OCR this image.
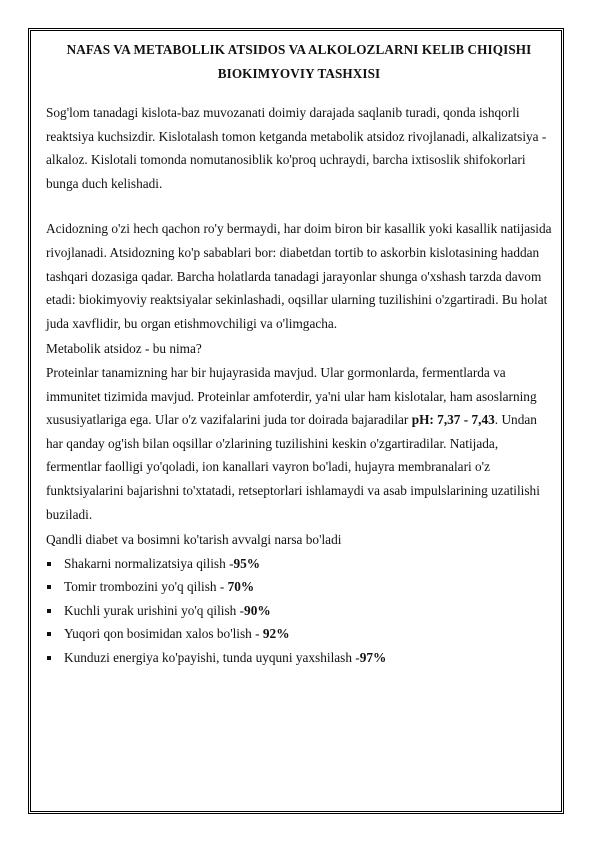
NAFAS VA METABOLLIK ATSIDOS VA ALKOLOZLARNI KELIB CHIQISHI BIOKIMYOVIY TASHXISI

Sog'lom tanadagi kislota-baz muvozanati doimiy darajada saqlanib turadi, qonda ishqorli reaktsiya kuchsizdir. Kislotalash tomon ketganda metabolik atsidoz rivojlanadi, alkalizatsiya - alkaloz. Kislotali tomonda nomutanosiblik ko'proq uchraydi, barcha ixtisoslik shifokorlari bunga duch kelishadi.

Acidozning o'zi hech qachon ro'y bermaydi, har doim biron bir kasallik yoki kasallik natijasida rivojlanadi. Atsidozning ko'p sabablari bor: diabetdan tortib to askorbin kislotasining haddan tashqari dozasiga qadar. Barcha holatlarda tanadagi jarayonlar shunga o'xshash tarzda davom etadi: biokimyoviy reaktsiyalar sekinlashadi, oqsillar ularning tuzilishini o'zgartiradi. Bu holat juda xavflidir, bu organ etishmovchiligi va o'limgacha.

Metabolik atsidoz - bu nima?

Proteinlar tanamizning har bir hujayrasida mavjud. Ular gormonlarda, fermentlarda va immunitet tizimida mavjud. Proteinlar amfoterdir, ya'ni ular ham kislotalar, ham asoslarning xususiyatlariga ega. Ular o'z vazifalarini juda tor doirada bajaradilar pH: 7,37 - 7,43. Undan har qanday og'ish bilan oqsillar o'zlarining tuzilishini keskin o'zgartiradilar. Natijada, fermentlar faolligi yo'qoladi, ion kanallari vayron bo'ladi, hujayra membranalari o'z funktsiyalarini bajarishni to'xtatadi, retseptorlari ishlamaydi va asab impulslarining uzatilishi buziladi.

Qandli diabet va bosimni ko'tarish avvalgi narsa bo'ladi

Shakarni normalizatsiya qilish -95%
Tomir trombozini yo'q qilish - 70%
Kuchli yurak urishini yo'q qilish -90%
Yuqori qon bosimidan xalos bo'lish - 92%
Kunduzi energiya ko'payishi, tunda uyquni yaxshilash -97%
